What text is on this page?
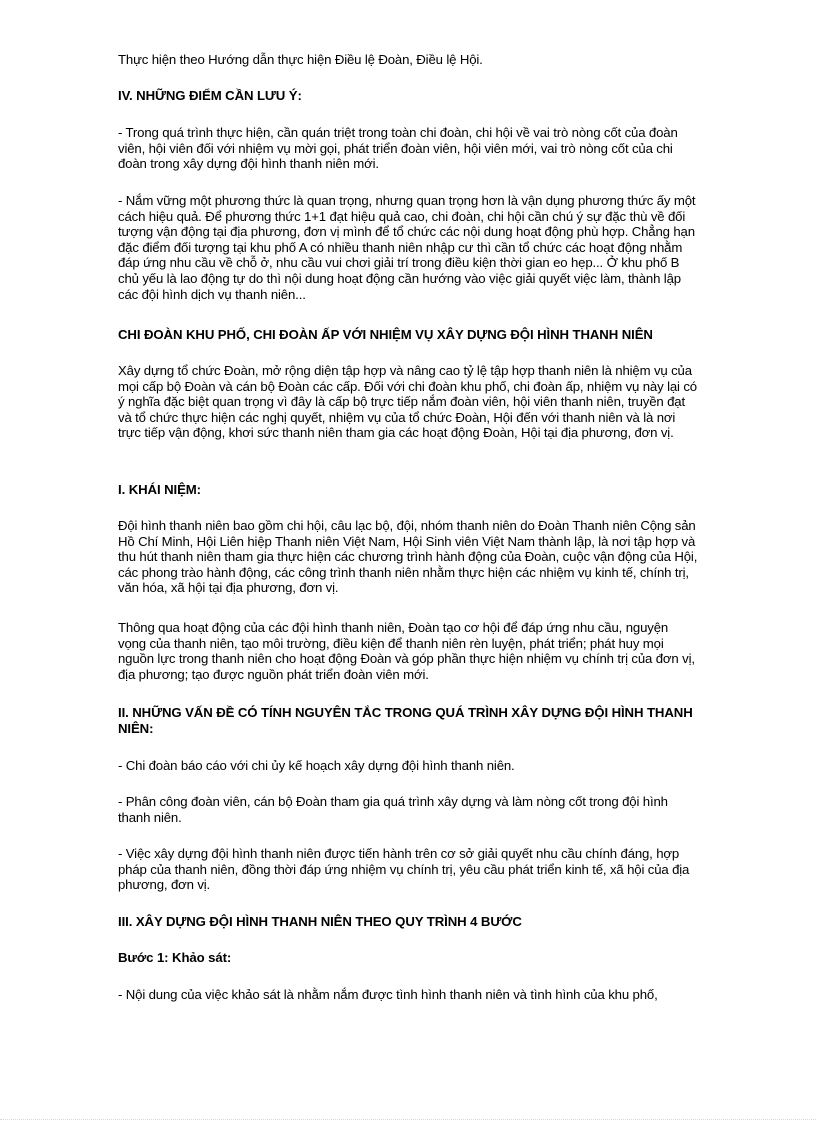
Thực hiện theo Hướng dẫn thực hiện Điều lệ Đoàn, Điều lệ Hội.

IV. NHỮNG ĐIỂM CẦN LƯU Ý:

- Trong quá trình thực hiện, cần quán triệt trong toàn chi đoàn, chi hội về vai trò nòng cốt của đoàn viên, hội viên đối với nhiệm vụ mời gọi, phát triển đoàn viên, hội viên mới, vai trò nòng cốt của chi đoàn trong xây dựng đội hình thanh niên mới.

- Nắm vững một phương thức là quan trọng, nhưng quan trọng hơn là vận dụng phương thức ấy một cách hiệu quả. Để phương thức 1+1 đạt hiệu quả cao, chi đoàn, chi hội cần chú ý sự đặc thù về đối tượng vận động tại địa phương, đơn vị mình để tổ chức các nội dung hoạt động phù hợp. Chẳng hạn đặc điểm đối tượng tại khu phố A có nhiều thanh niên nhập cư thì cần tổ chức các hoạt động nhằm đáp ứng nhu cầu về chỗ ở, nhu cầu vui chơi giải trí trong điều kiện thời gian eo hẹp... Ở khu phố B chủ yếu là lao động tự do thì nội dung hoạt động cần hướng vào việc giải quyết việc làm, thành lập các đội hình dịch vụ thanh niên...

CHI ĐOÀN KHU PHỐ, CHI ĐOÀN ẤP VỚI NHIỆM VỤ XÂY DỰNG ĐỘI HÌNH THANH NIÊN

Xây dựng tổ chức Đoàn, mở rộng diện tập hợp và nâng cao tỷ lệ tập hợp thanh niên là nhiệm vụ của mọi cấp bộ Đoàn và cán bộ Đoàn các cấp. Đối với chi đoàn khu phố, chi đoàn ấp, nhiệm vụ này lại có ý nghĩa đặc biệt quan trọng vì đây là cấp bộ trực tiếp nắm đoàn viên, hội viên thanh niên, truyền đạt và tổ chức thực hiện các nghị quyết, nhiệm vụ của tổ chức Đoàn, Hội đến với thanh niên và là nơi trực tiếp vận động, khơi sức thanh niên tham gia các hoạt động Đoàn, Hội tại địa phương, đơn vị.

I. KHÁI NIỆM:

Đội hình thanh niên bao gồm chi hội, câu lạc bộ, đội, nhóm thanh niên do Đoàn Thanh niên Cộng sản Hồ Chí Minh, Hội Liên hiệp Thanh niên Việt Nam, Hội Sinh viên Việt Nam thành lập, là nơi tập hợp và thu hút thanh niên tham gia thực hiện các chương trình hành động của Đoàn, cuộc vận động của Hội, các phong trào hành động, các công trình thanh niên nhằm thực hiện các nhiệm vụ kinh tế, chính trị, văn hóa, xã hội tại địa phương, đơn vị.

Thông qua hoạt động của các đội hình thanh niên, Đoàn tạo cơ hội để đáp ứng nhu cầu, nguyện vọng của thanh niên, tạo môi trường, điều kiện để thanh niên rèn luyện, phát triển; phát huy mọi nguồn lực trong thanh niên cho hoạt động Đoàn và góp phần thực hiện nhiệm vụ chính trị của đơn vị, địa phương; tạo được nguồn phát triển đoàn viên mới.

II. NHỮNG VẤN ĐỀ CÓ TÍNH NGUYÊN TẮC TRONG QUÁ TRÌNH XÂY DỰNG ĐỘI HÌNH THANH NIÊN:

- Chi đoàn báo cáo với chi ủy kế hoạch xây dựng đội hình thanh niên.

- Phân công đoàn viên, cán bộ Đoàn tham gia quá trình xây dựng và làm nòng cốt trong đội hình thanh niên.

- Việc xây dựng đội hình thanh niên được tiến hành trên cơ sở giải quyết nhu cầu chính đáng, hợp pháp của thanh niên, đồng thời đáp ứng nhiệm vụ chính trị, yêu cầu phát triển kinh tế, xã hội của địa phương, đơn vị.

III. XÂY DỰNG ĐỘI HÌNH THANH NIÊN THEO QUY TRÌNH 4 BƯỚC

Bước 1: Khảo sát:

- Nội dung của việc khảo sát là nhằm nắm được tình hình thanh niên và tình hình của khu phố,
